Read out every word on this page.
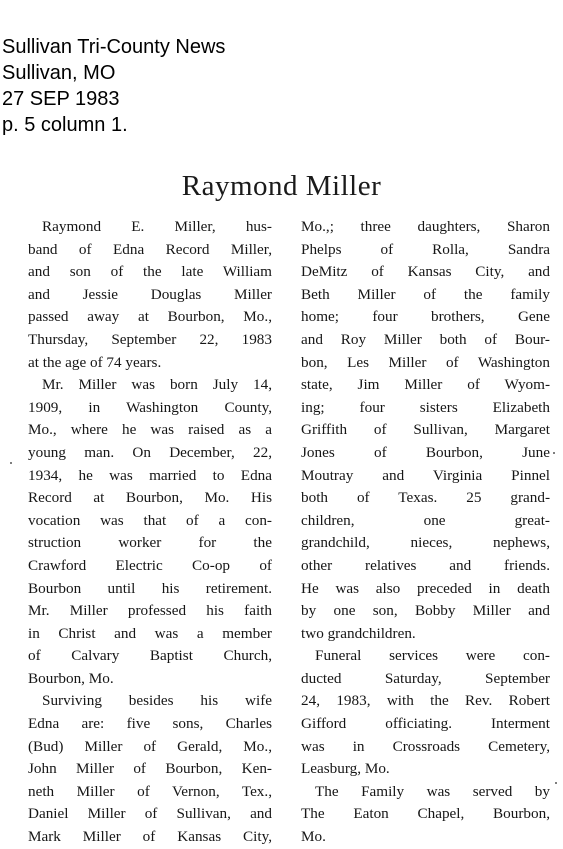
Sullivan Tri-County News
Sullivan, MO
27 SEP 1983
p. 5 column 1.
Raymond Miller
Raymond E. Miller, hus-
band of Edna Record Miller,
and son of the late William
and Jessie Douglas Miller
passed away at Bourbon, Mo.,
Thursday, September 22, 1983
at the age of 74 years.
Mr. Miller was born July 14,
1909, in Washington County,
Mo., where he was raised as a
young man. On December, 22,
1934, he was married to Edna
Record at Bourbon, Mo. His
vocation was that of a con-
struction worker for the
Crawford Electric Co-op of
Bourbon until his retirement.
Mr. Miller professed his faith
in Christ and was a member
of Calvary Baptist Church,
Bourbon, Mo.
Surviving besides his wife
Edna are: five sons, Charles
(Bud) Miller of Gerald, Mo.,
John Miller of Bourbon, Ken-
neth Miller of Vernon, Tex.,
Daniel Miller of Sullivan, and
Mark Miller of Kansas City,
Mo.,; three daughters, Sharon
Phelps of Rolla, Sandra
DeMitz of Kansas City, and
Beth Miller of the family
home; four brothers, Gene
and Roy Miller both of Bour-
bon, Les Miller of Washington
state, Jim Miller of Wyom-
ing; four sisters Elizabeth
Griffith of Sullivan, Margaret
Jones of Bourbon, June
Moutray and Virginia Pinnel
both of Texas. 25 grand-
children, one great-
grandchild, nieces, nephews,
other relatives and friends.
He was also preceded in death
by one son, Bobby Miller and
two grandchildren.
Funeral services were con-
ducted Saturday, September
24, 1983, with the Rev. Robert
Gifford officiating. Interment
was in Crossroads Cemetery,
Leasburg, Mo.
The Family was served by
The Eaton Chapel, Bourbon,
Mo.
